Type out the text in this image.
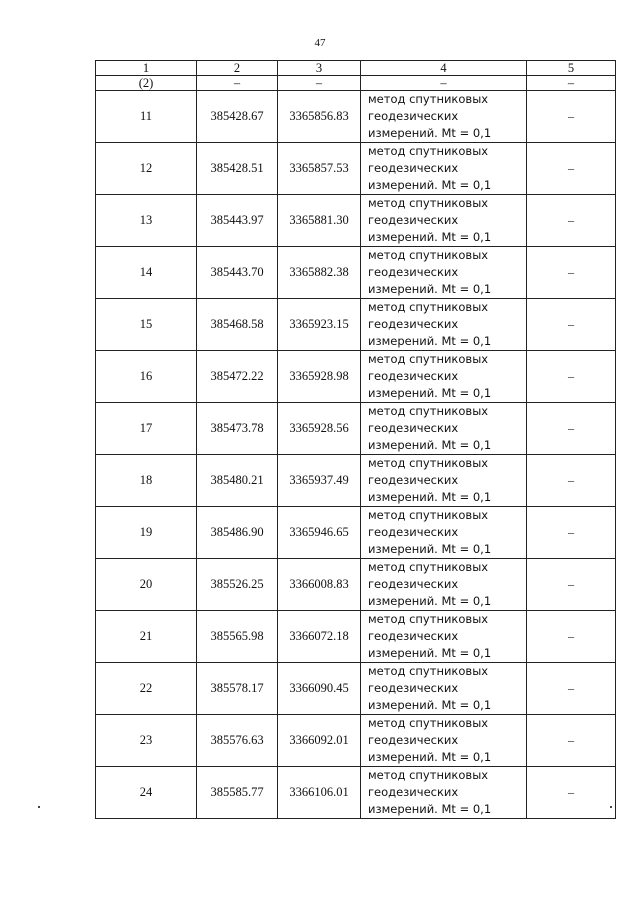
47
1	2	3	4	5
(2)	–	–	–	–
11	385428.67	3365856.83	метод спутниковых
геодезических
измерений. Mt = 0,1	–
12	385428.51	3365857.53	метод спутниковых
геодезических
измерений. Mt = 0,1	–
13	385443.97	3365881.30	метод спутниковых
геодезических
измерений. Mt = 0,1	–
14	385443.70	3365882.38	метод спутниковых
геодезических
измерений. Mt = 0,1	–
15	385468.58	3365923.15	метод спутниковых
геодезических
измерений. Mt = 0,1	–
16	385472.22	3365928.98	метод спутниковых
геодезических
измерений. Mt = 0,1	–
17	385473.78	3365928.56	метод спутниковых
геодезических
измерений. Mt = 0,1	–
18	385480.21	3365937.49	метод спутниковых
геодезических
измерений. Mt = 0,1	–
19	385486.90	3365946.65	метод спутниковых
геодезических
измерений. Mt = 0,1	–
20	385526.25	3366008.83	метод спутниковых
геодезических
измерений. Mt = 0,1	–
21	385565.98	3366072.18	метод спутниковых
геодезических
измерений. Mt = 0,1	–
22	385578.17	3366090.45	метод спутниковых
геодезических
измерений. Mt = 0,1	–
23	385576.63	3366092.01	метод спутниковых
геодезических
измерений. Mt = 0,1	–
24	385585.77	3366106.01	метод спутниковых
геодезических
измерений. Mt = 0,1	–
